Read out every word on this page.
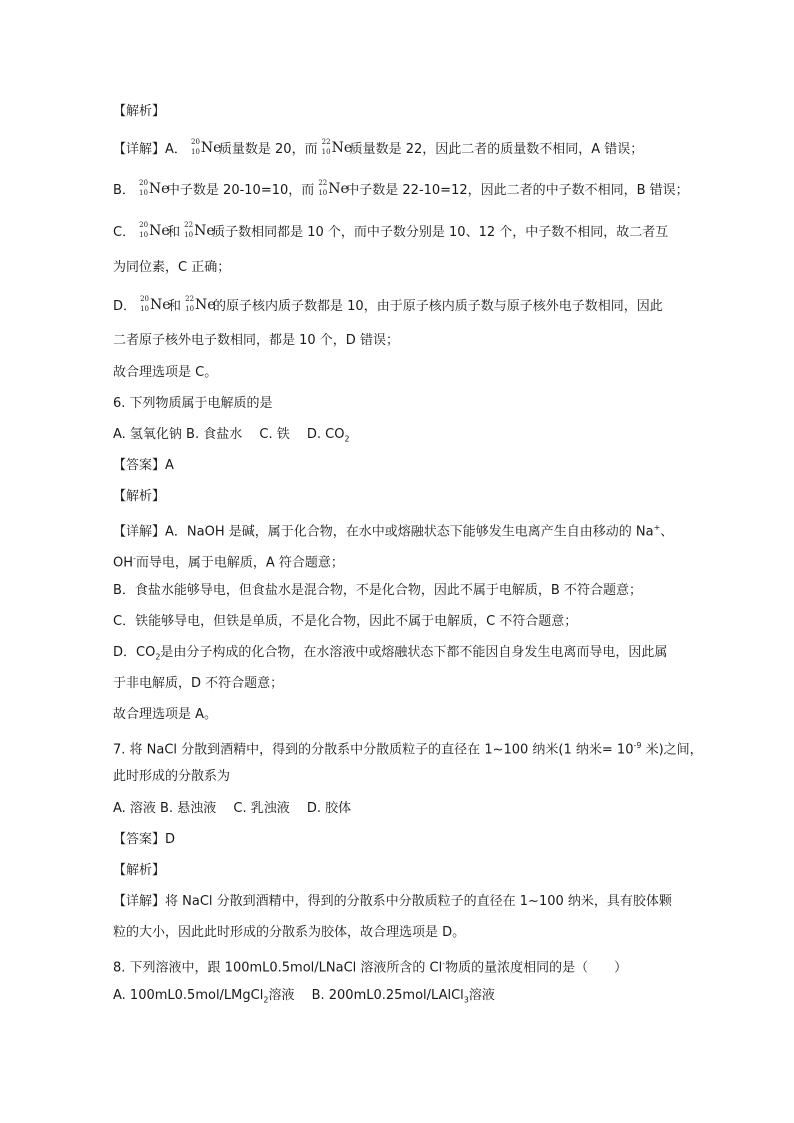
【解析】
【详解】A． 20
10 Ne
质量数是 20，而 22
10 Ne
质量数是 22，因此二者的质量数不相同，A 错误；
B． 20
10 Ne
中子数是 20-10=10，而 22
10 Ne
中子数是 22-10=12，因此二者的中子数不相同，B 错误；
C． 20
10 Ne
和 22
10 Ne
质子数相同都是 10 个，而中子数分别是 10、12 个，中子数不相同，故二者互
为同位素，C 正确；
D． 20
10 Ne
和 22
10 Ne
的原子核内质子数都是 10，由于原子核内质子数与原子核外电子数相同，因此
二者原子核外电子数相同，都是 10 个，D 错误；
故合理选项是 C。
6. 下列物质属于电解质的是
A. 氢氧化钠 B. 食盐水　 C. 铁　 D. $CO_2$
【答案】A
【解析】
【详解】A．NaOH 是碱，属于化合物，在水中或熔融状态下能够发生电离产生自由移动的 Na+、
OH-而导电，属于电解质，A 符合题意；
B．食盐水能够导电，但食盐水是混合物，不是化合物，因此不属于电解质，B 不符合题意；
C．铁能够导电，但铁是单质，不是化合物，因此不属于电解质，C 不符合题意；
D．$CO_2$是由分子构成的化合物，在水溶液中或熔融状态下都不能因自身发生电离而导电，因此属
于非电解质，D 不符合题意；
故合理选项是 A。
7. 将 NaCl 分散到酒精中，得到的分散系中分散质粒子的直径在 1~100 纳米(1 纳米= $10^{-9}$ 米)之间，
此时形成的分散系为
A. 溶液 B. 悬浊液　 C. 乳浊液　 D. 胶体
【答案】D
【解析】
【详解】将 NaCl 分散到酒精中，得到的分散系中分散质粒子的直径在 1~100 纳米，具有胶体颗
粒的大小，因此此时形成的分散系为胶体，故合理选项是 D。
8. 下列溶液中，跟 100mL0.5mol/LNaCl 溶液所含的 Cl-物质的量浓度相同的是（　　）
A. 100mL0.5mol/LMgCl$_2$溶液　 B. 200mL0.25mol/LAlCl$_3$溶液
